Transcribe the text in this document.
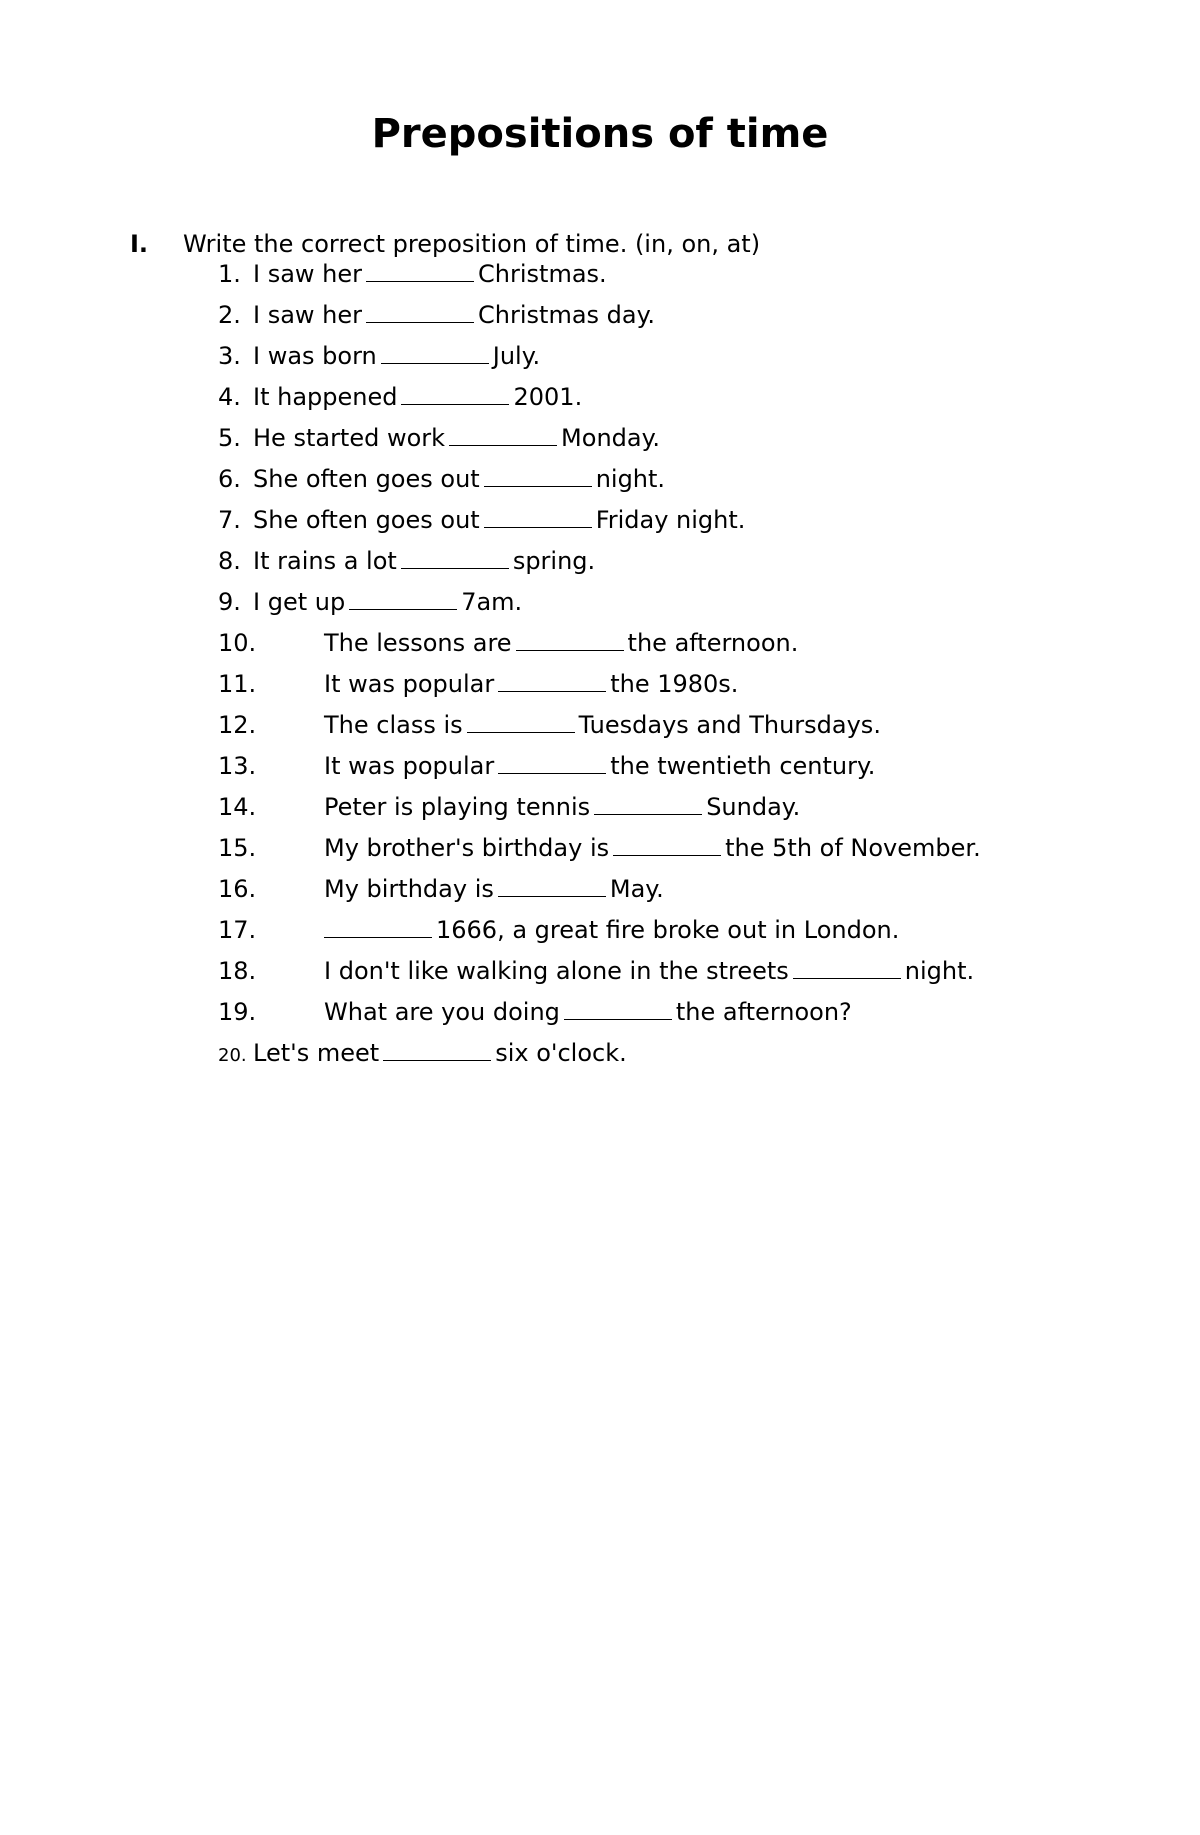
Prepositions of time
I. Write the correct preposition of time. (in, on, at)
1. I saw her	Christmas.
2. I saw her	Christmas day.
3. I was born	July.
4. It happened	2001.
5. He started work	Monday.
6. She often goes out	night.
7. She often goes out	Friday night.
8. It rains a lot	spring.
9. I get up	7am.
10.	The lessons are	the afternoon.
11.	It was popular	the 1980s.
12.	The class is	Tuesdays and Thursdays.
13.	It was popular	the twentieth century.
14.	Peter is playing tennis	Sunday.
15.	My brother's birthday is	the 5th of November.
16.	My birthday is	May.
17.	1666, a great fire broke out in London.
18.	I don't like walking alone in the streets	night.
19.	What are you doing	the afternoon?
20. Let's meet	six o'clock.
